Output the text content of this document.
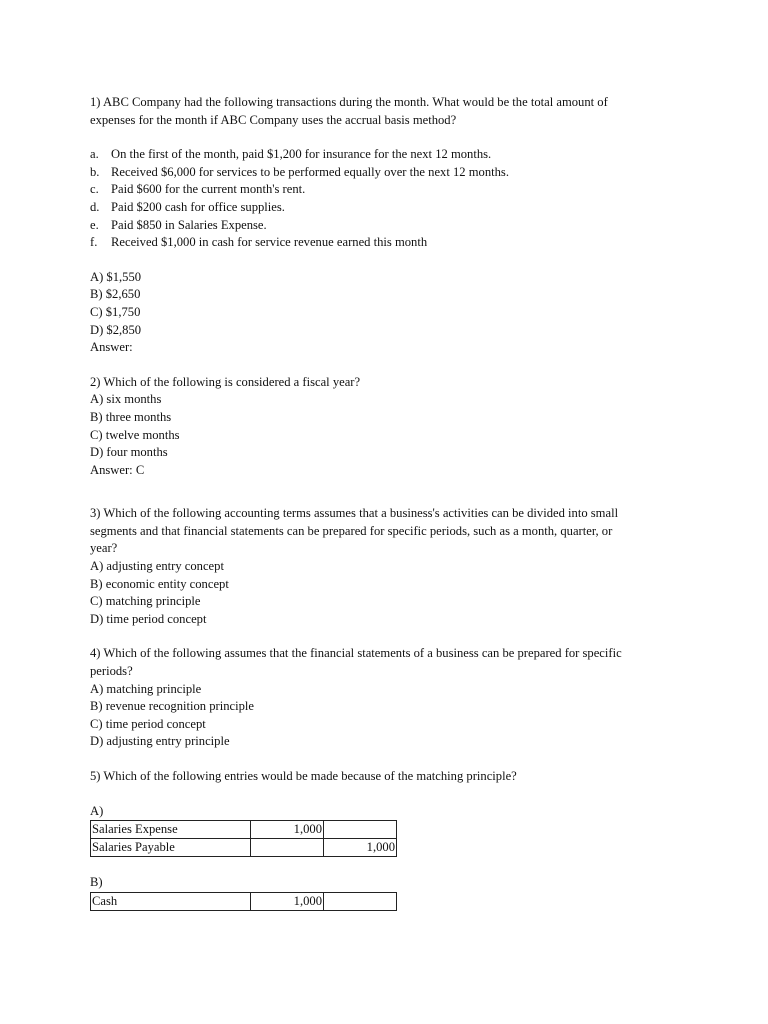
1) ABC Company had the following transactions during the month. What would be the total amount of
expenses for the month if ABC Company uses the accrual basis method?
a. On the first of the month, paid $1,200 for insurance for the next 12 months.
b. Received $6,000 for services to be performed equally over the next 12 months.
c. Paid $600 for the current month's rent.
d. Paid $200 cash for office supplies.
e. Paid $850 in Salaries Expense.
f.	Received $1,000 in cash for service revenue earned this month
A) $1,550
B) $2,650
C) $1,750
D) $2,850
Answer:
2) Which of the following is considered a fiscal year?
A) six months
B) three months
C) twelve months
D) four months
Answer: C
3) Which of the following accounting terms assumes that a business's activities can be divided into small
segments and that financial statements can be prepared for specific periods, such as a month, quarter, or
year?
A) adjusting entry concept
B) economic entity concept
C) matching principle
D) time period concept
4) Which of the following assumes that the financial statements of a business can be prepared for specific
periods?
A) matching principle
B) revenue recognition principle
C) time period concept
D) adjusting entry principle
5) Which of the following entries would be made because of the matching principle?
A)
Salaries Expense	1,000	
Salaries Payable		1,000
B)
Cash	1,000	
